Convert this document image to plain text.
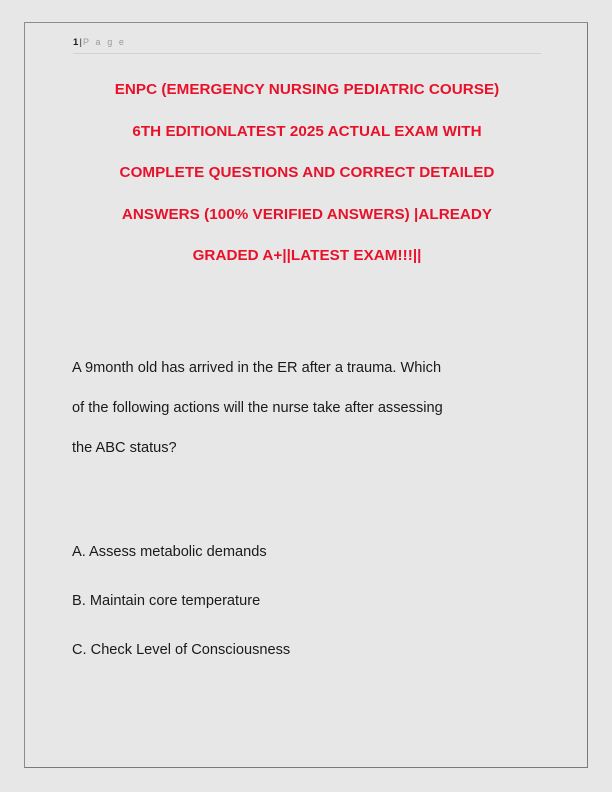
1|P a g e
ENPC (EMERGENCY NURSING PEDIATRIC COURSE)
6TH EDITIONLATEST 2025 ACTUAL EXAM WITH
COMPLETE QUESTIONS AND CORRECT DETAILED
ANSWERS (100% VERIFIED ANSWERS) |ALREADY
GRADED A+||LATEST EXAM!!!||
A 9month old has arrived in the ER after a trauma. Which
of the following actions will the nurse take after assessing
the ABC status?
A. Assess metabolic demands
B. Maintain core temperature
C. Check Level of Consciousness
